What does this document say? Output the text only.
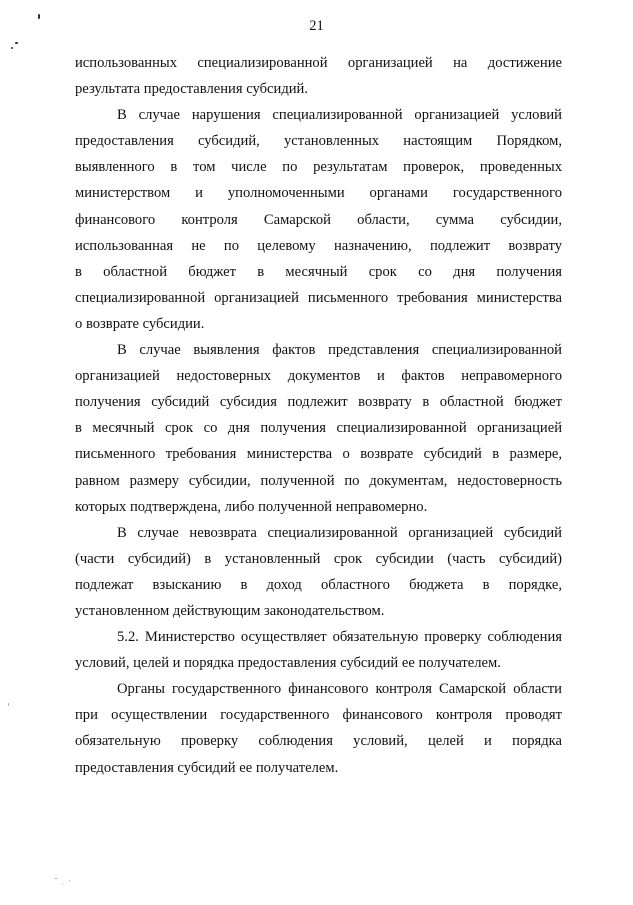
21
использованных специализированной организацией на достижение
результата предоставления субсидий.
В случае нарушения специализированной организацией условий
предоставления субсидий, установленных настоящим Порядком,
выявленного в том числе по результатам проверок, проведенных
министерством и уполномоченными органами государственного
финансового контроля Самарской области, сумма субсидии,
использованная не по целевому назначению, подлежит возврату
в областной бюджет в месячный срок со дня получения
специализированной организацией письменного требования министерства
о возврате субсидии.
В случае выявления фактов представления специализированной
организацией недостоверных документов и фактов неправомерного
получения субсидий субсидия подлежит возврату в областной бюджет
в месячный срок со дня получения специализированной организацией
письменного требования министерства о возврате субсидий в размере,
равном размеру субсидии, полученной по документам, недостоверность
которых подтверждена, либо полученной неправомерно.
В случае невозврата специализированной организацией субсидий
(части субсидий) в установленный срок субсидии (часть субсидий)
подлежат взысканию в доход областного бюджета в порядке,
установленном действующим законодательством.
5.2. Министерство осуществляет обязательную проверку соблюдения
условий, целей и порядка предоставления субсидий ее получателем.
Органы государственного финансового контроля Самарской области
при осуществлении государственного финансового контроля проводят
обязательную проверку соблюдения условий, целей и порядка
предоставления субсидий ее получателем.
